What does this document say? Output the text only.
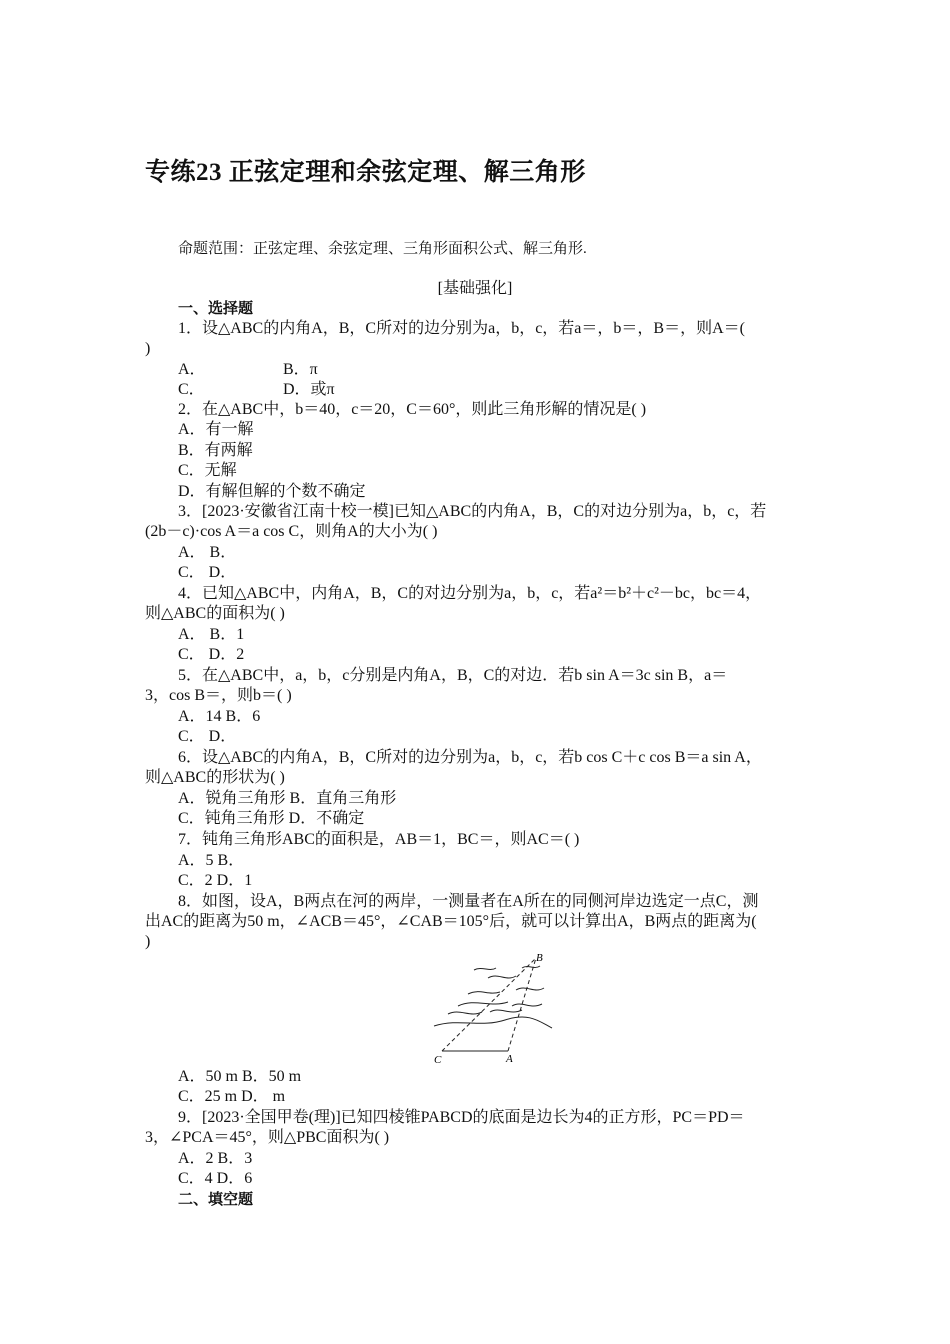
专练23 正弦定理和余弦定理、解三角形
命题范围：正弦定理、余弦定理、三角形面积公式、解三角形.
[基础强化]
一、选择题
1．设△ABC的内角A，B，C所对的边分别为a，b，c，若a＝，b＝，B＝，则A＝(
)
A．	B．π
C．	D．或π
2．在△ABC中，b＝40，c＝20，C＝60°，则此三角形解的情况是( )
A．有一解
B．有两解
C．无解
D．有解但解的个数不确定
3．[2023·安徽省江南十校一模]已知△ABC的内角A，B，C的对边分别为a，b，c，若
(2b－c)·cos A＝a cos C，则角A的大小为( )
A． B．
C． D．
4．已知△ABC中，内角A，B，C的对边分别为a，b，c，若a²＝b²＋c²－bc，bc＝4，
则△ABC的面积为( )
A． B．1
C． D．2
5．在△ABC中，a，b，c分别是内角A，B，C的对边．若b sin A＝3c sin B，a＝
3，cos B＝，则b＝( )
A．14 B．6
C． D．
6．设△ABC的内角A，B，C所对的边分别为a，b，c，若b cos C＋c cos B＝a sin A，
则△ABC的形状为( )
A．锐角三角形 B．直角三角形
C．钝角三角形 D．不确定
7．钝角三角形ABC的面积是，AB＝1，BC＝，则AC＝( )
A．5 B．
C．2 D．1
8．如图，设A，B两点在河的两岸，一测量者在A所在的同侧河岸边选定一点C，测
出AC的距离为50 m，∠ACB＝45°，∠CAB＝105°后，就可以计算出A，B两点的距离为(
)
C	A
B
A．50 m B．50 m
C．25 m D． m
9．[2023·全国甲卷(理)]已知四棱锥PABCD的底面是边长为4的正方形，PC＝PD＝
3，∠PCA＝45°，则△PBC面积为( )
A．2 B．3
C．4 D．6
二、填空题
